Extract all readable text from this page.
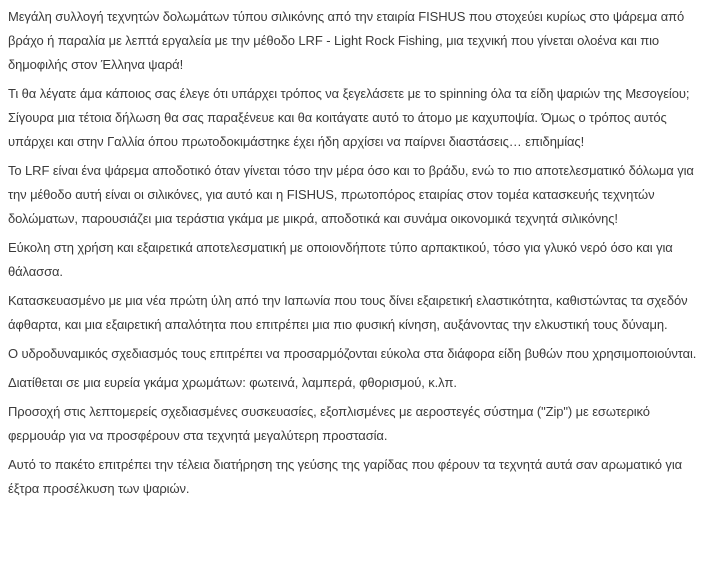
Μεγάλη συλλογή τεχνητών δολωμάτων τύπου σιλικόνης από την εταιρία FISHUS που στοχεύει κυρίως στο ψάρεμα από βράχο ή παραλία με λεπτά εργαλεία με την μέθοδο LRF - Light Rock Fishing, μια τεχνική που γίνεται ολοένα και πιο δημοφιλής στον Έλληνα ψαρά!

Τι θα λέγατε άμα κάποιος σας έλεγε ότι υπάρχει τρόπος να ξεγελάσετε με το spinning όλα τα είδη ψαριών της Μεσογείου; Σίγουρα μια τέτοια δήλωση θα σας παραξένευε και θα κοιτάγατε αυτό το άτομο με καχυποψία. Όμως ο τρόπος αυτός υπάρχει και στην Γαλλία όπου πρωτοδοκιμάστηκε έχει ήδη αρχίσει να παίρνει διαστάσεις… επιδημίας!

Το LRF είναι ένα ψάρεμα αποδοτικό όταν γίνεται τόσο την μέρα όσο και το βράδυ, ενώ το πιο αποτελεσματικό δόλωμα για την μέθοδο αυτή είναι οι σιλικόνες, για αυτό και η FISHUS, πρωτοπόρος εταιρίας στον τομέα κατασκευής τεχνητών δολώματων, παρουσιάζει μια τεράστια γκάμα με μικρά, αποδοτικά και συνάμα οικονομικά τεχνητά σιλικόνης!

Εύκολη στη χρήση και εξαιρετικά αποτελεσματική με οποιονδήποτε τύπο αρπακτικού, τόσο για γλυκό νερό όσο και για θάλασσα.

Κατασκευασμένο με μια νέα πρώτη ύλη από την Ιαπωνία που τους δίνει εξαιρετική ελαστικότητα, καθιστώντας τα σχεδόν άφθαρτα, και μια εξαιρετική απαλότητα που επιτρέπει μια πιο φυσική κίνηση, αυξάνοντας την ελκυστική τους δύναμη.

Ο υδροδυναμικός σχεδιασμός τους επιτρέπει να προσαρμόζονται εύκολα στα διάφορα είδη βυθών που χρησιμοποιούνται.

Διατίθεται σε μια ευρεία γκάμα χρωμάτων: φωτεινά, λαμπερά, φθορισμού, κ.λπ.

Προσοχή στις λεπτομερείς σχεδιασμένες συσκευασίες, εξοπλισμένες με αεροστεγές σύστημα ("Zip") με εσωτερικό φερμουάρ για να προσφέρουν στα τεχνητά μεγαλύτερη προστασία.

Αυτό το πακέτο επιτρέπει την τέλεια διατήρηση της γεύσης της γαρίδας που φέρουν τα τεχνητά αυτά σαν αρωματικό για έξτρα προσέλκυση των ψαριών.
